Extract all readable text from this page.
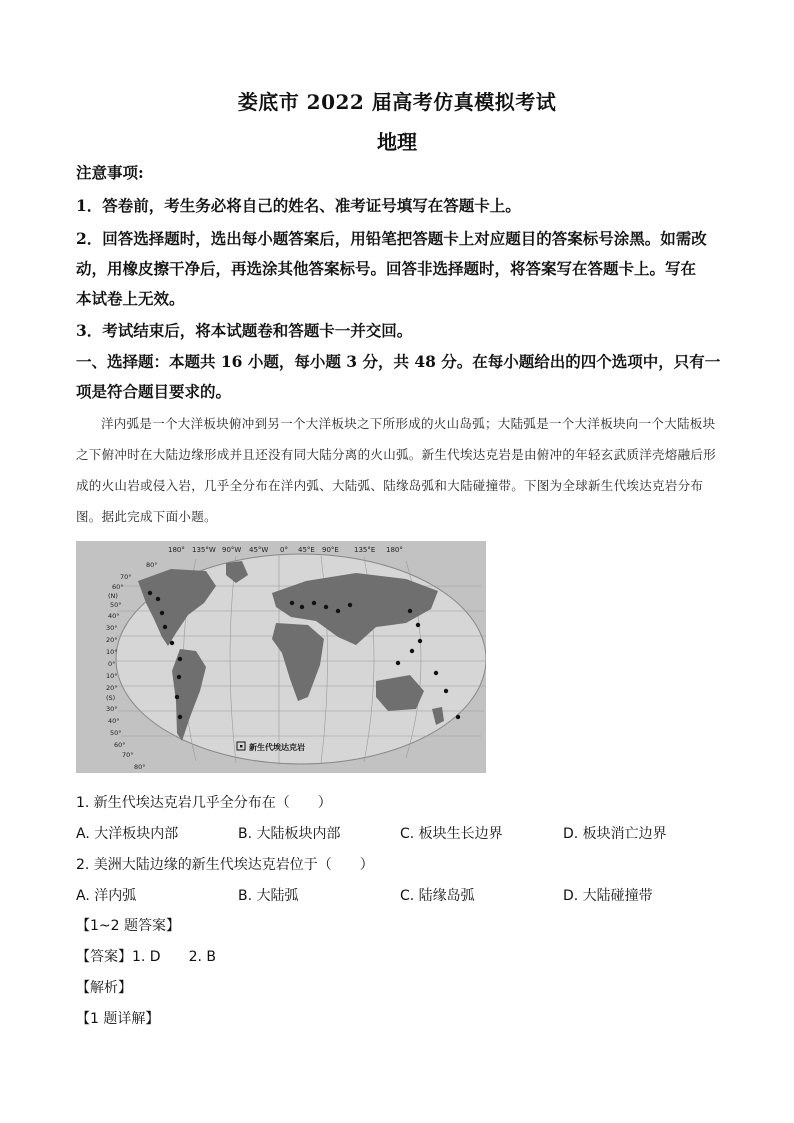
娄底市 2022 届高考仿真模拟考试
地理
注意事项:
1．答卷前，考生务必将自己的姓名、准考证号填写在答题卡上。
2．回答选择题时，选出每小题答案后，用铅笔把答题卡上对应题目的答案标号涂黑。如需改
动，用橡皮擦干净后，再选涂其他答案标号。回答非选择题时，将答案写在答题卡上。写在
本试卷上无效。
3．考试结束后，将本试题卷和答题卡一并交回。
一、选择题：本题共 16 小题，每小题 3 分，共 48 分。在每小题给出的四个选项中，只有一
项是符合题目要求的。
洋内弧是一个大洋板块俯冲到另一个大洋板块之下所形成的火山岛弧；大陆弧是一个大洋板块向一个大陆板块之下俯冲时在大陆边缘形成并且还没有同大陆分离的火山弧。新生代埃达克岩是由俯冲的年轻玄武质洋壳熔融后形成的火山岩或侵入岩，几乎全分布在洋内弧、大陆弧、陆缘岛弧和大陆碰撞带。下图为全球新生代埃达克岩分布图。据此完成下面小题。
180° 135°W 90°W 45°W 0° 45°E 90°E 135°E 180°
80°
70°
60°
(N)
50°
40°
30°
20°
10°
0°
10°
20°
(S)
30°
40°
50°
60°
70°
80°
新生代埃达克岩
1. 新生代埃达克岩几乎全分布在（　　）
A. 大洋板块内部	B. 大陆板块内部	C. 板块生长边界	D. 板块消亡边界
2. 美洲大陆边缘的新生代埃达克岩位于（　　）
A. 洋内弧	B. 大陆弧	C. 陆缘岛弧	D. 大陆碰撞带
【1~2 题答案】
【答案】1. D　　2. B
【解析】
【1 题详解】
